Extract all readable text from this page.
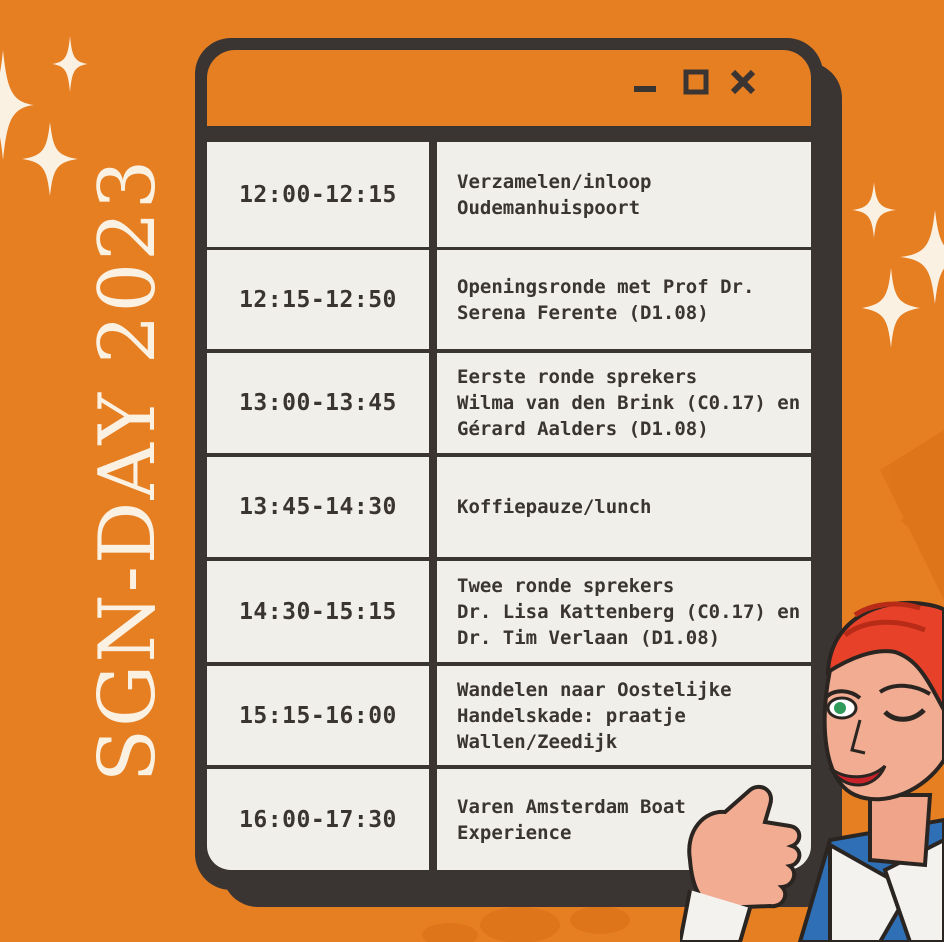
SGN-DAY 2023	12:00-12:15	Verzamelen/inloop
Oudemanhuispoort
12:15-12:50	Openingsronde met Prof Dr.
Serena Ferente (D1.08)
13:00-13:45
Eerste ronde sprekers
Wilma van den Brink (C0.17) en
Gérard Aalders (D1.08)
13:45-14:30	Koffiepauze/lunch
14:30-15:15
Twee ronde sprekers
Dr. Lisa Kattenberg (C0.17) en
Dr. Tim Verlaan (D1.08)
15:15-16:00
Wandelen naar Oostelijke
Handelskade: praatje
Wallen/Zeedijk
16:00-17:30	Varen Amsterdam Boat
Experience
